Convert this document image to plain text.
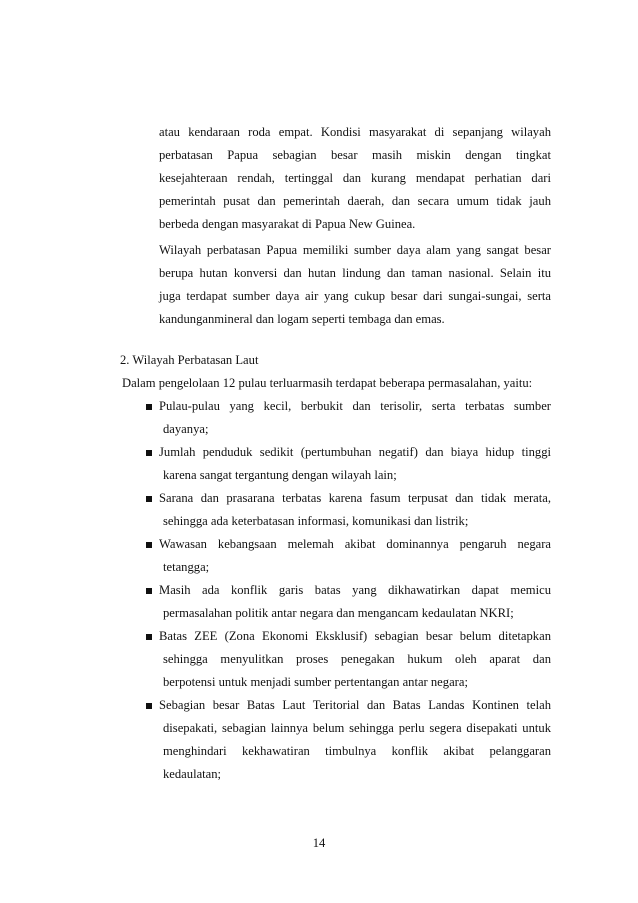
atau kendaraan roda empat. Kondisi masyarakat di sepanjang wilayah
perbatasan Papua sebagian besar masih miskin dengan tingkat
kesejahteraan rendah, tertinggal dan kurang mendapat perhatian dari
pemerintah pusat dan pemerintah daerah, dan secara umum tidak jauh
berbeda dengan masyarakat di Papua New Guinea.
Wilayah perbatasan Papua memiliki sumber daya alam yang sangat besar
berupa hutan konversi dan hutan lindung dan taman nasional. Selain itu
juga terdapat sumber daya air yang cukup besar dari sungai-sungai, serta
kandunganmineral dan logam seperti tembaga dan emas.
2. Wilayah Perbatasan Laut
Dalam pengelolaan 12 pulau terluarmasih terdapat beberapa permasalahan, yaitu:
Pulau-pulau yang kecil, berbukit dan terisolir, serta terbatas sumber
dayanya;
Jumlah penduduk sedikit (pertumbuhan negatif) dan biaya hidup tinggi
karena sangat tergantung dengan wilayah lain;
Sarana dan prasarana terbatas karena fasum terpusat dan tidak merata,
sehingga ada keterbatasan informasi, komunikasi dan listrik;
Wawasan kebangsaan melemah akibat dominannya pengaruh negara
tetangga;
Masih ada konflik garis batas yang dikhawatirkan dapat memicu
permasalahan politik antar negara dan mengancam kedaulatan NKRI;
Batas ZEE (Zona Ekonomi Eksklusif) sebagian besar belum ditetapkan
sehingga menyulitkan proses penegakan hukum oleh aparat dan
berpotensi untuk menjadi sumber pertentangan antar negara;
Sebagian besar Batas Laut Teritorial dan Batas Landas Kontinen telah
disepakati, sebagian lainnya belum sehingga perlu segera disepakati untuk
menghindari kekhawatiran timbulnya konflik akibat pelanggaran
kedaulatan;
14
